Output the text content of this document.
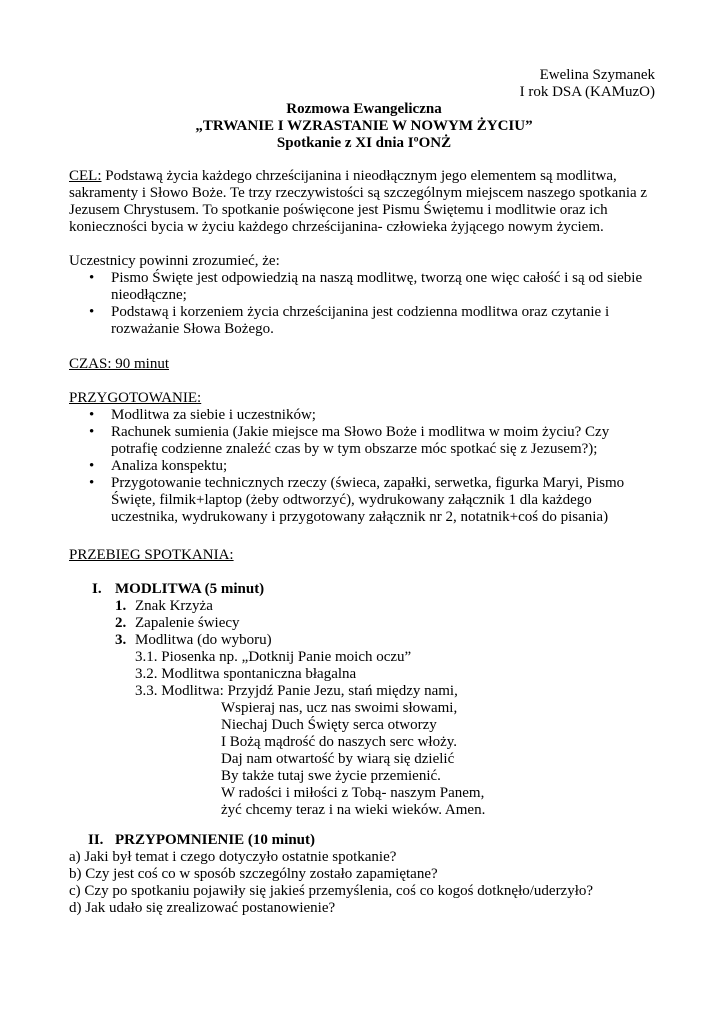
Ewelina Szymanek
I rok DSA (KAMuzO)
Rozmowa Ewangeliczna
„TRWANIE I WZRASTANIE W NOWYM ŻYCIU”
Spotkanie z XI dnia IºONŻ
CEL: Podstawą życia każdego chrześcijanina i nieodłącznym jego elementem są modlitwa, sakramenty i Słowo Boże. Te trzy rzeczywistości są szczególnym miejscem naszego spotkania z Jezusem Chrystusem. To spotkanie poświęcone jest Pismu Świętemu i modlitwie oraz ich konieczności bycia w życiu każdego chrześcijanina- człowieka żyjącego nowym życiem.
Uczestnicy powinni zrozumieć, że:
• Pismo Święte jest odpowiedzią na naszą modlitwę, tworzą one więc całość i są od siebie nieodłączne;
• Podstawą i korzeniem życia chrześcijanina jest codzienna modlitwa oraz czytanie i rozważanie Słowa Bożego.
CZAS: 90 minut
PRZYGOTOWANIE:
• Modlitwa za siebie i uczestników;
• Rachunek sumienia (Jakie miejsce ma Słowo Boże i modlitwa w moim życiu? Czy potrafię codzienne znaleźć czas by w tym obszarze móc spotkać się z Jezusem?);
• Analiza konspektu;
• Przygotowanie technicznych rzeczy (świeca, zapałki, serwetka, figurka Maryi, Pismo Święte, filmik+laptop (żeby odtworzyć), wydrukowany załącznik 1 dla każdego uczestnika, wydrukowany i przygotowany załącznik nr 2, notatnik+coś do pisania)
PRZEBIEG SPOTKANIA:
I. MODLITWA (5 minut)
1. Znak Krzyża
2. Zapalenie świecy
3. Modlitwa (do wyboru)
3.1. Piosenka np. „Dotknij Panie moich oczu”
3.2. Modlitwa spontaniczna błagalna
3.3. Modlitwa: Przyjdź Panie Jezu, stań między nami,
Wspieraj nas, ucz nas swoimi słowami,
Niechaj Duch Święty serca otworzy
I Bożą mądrość do naszych serc włoży.
Daj nam otwartość by wiarą się dzielić
By także tutaj swe życie przemienić.
W radości i miłości z Tobą- naszym Panem,
żyć chcemy teraz i na wieki wieków. Amen.
II. PRZYPOMNIENIE (10 minut)
a) Jaki był temat i czego dotyczyło ostatnie spotkanie?
b) Czy jest coś co w sposób szczególny zostało zapamiętane?
c) Czy po spotkaniu pojawiły się jakieś przemyślenia, coś co kogoś dotknęło/uderzyło?
d) Jak udało się zrealizować postanowienie?
